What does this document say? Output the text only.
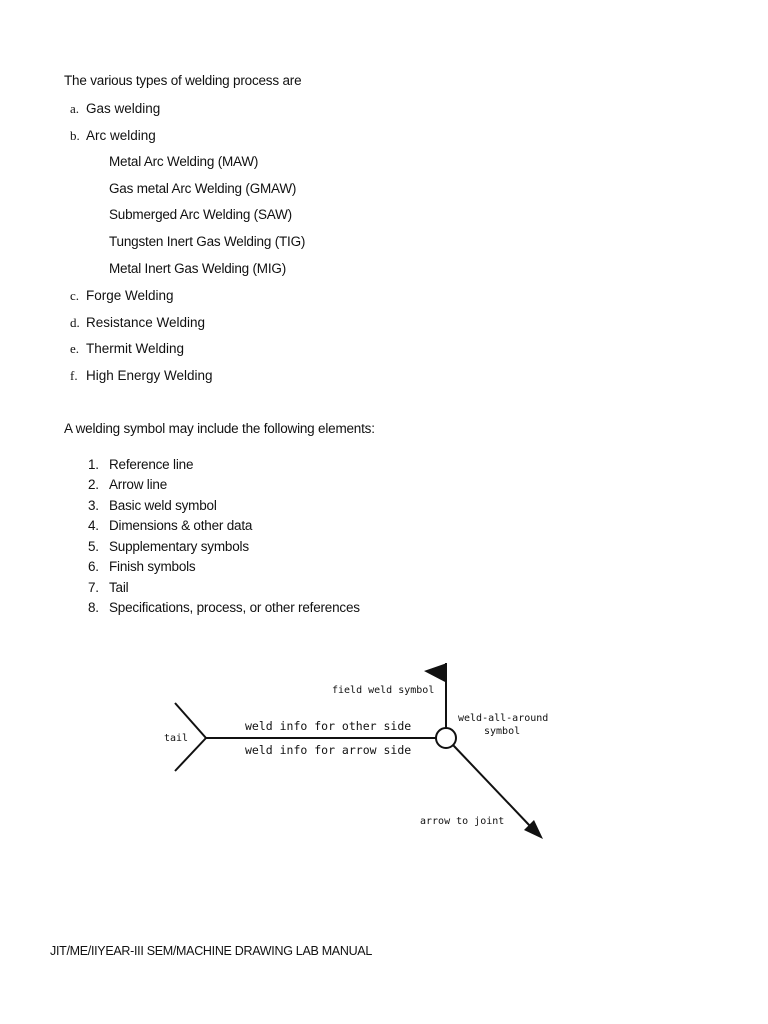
The various types of welding process are
a. Gas welding
b. Arc welding
Metal Arc Welding (MAW)
Gas metal Arc Welding (GMAW)
Submerged Arc Welding (SAW)
Tungsten Inert Gas Welding (TIG)
Metal Inert Gas Welding (MIG)
c. Forge Welding
d. Resistance Welding
e. Thermit Welding
f. High Energy Welding
A welding symbol may include the following elements:
1. Reference line
2. Arrow line
3. Basic weld symbol
4. Dimensions & other data
5. Supplementary symbols
6. Finish symbols
7. Tail
8. Specifications, process, or other references
tail
weld info for other side
weld info for arrow side
field weld symbol
weld-all-around
symbol
arrow to joint
JIT/ME/IIYEAR-III SEM/MACHINE DRAWING LAB MANUAL
